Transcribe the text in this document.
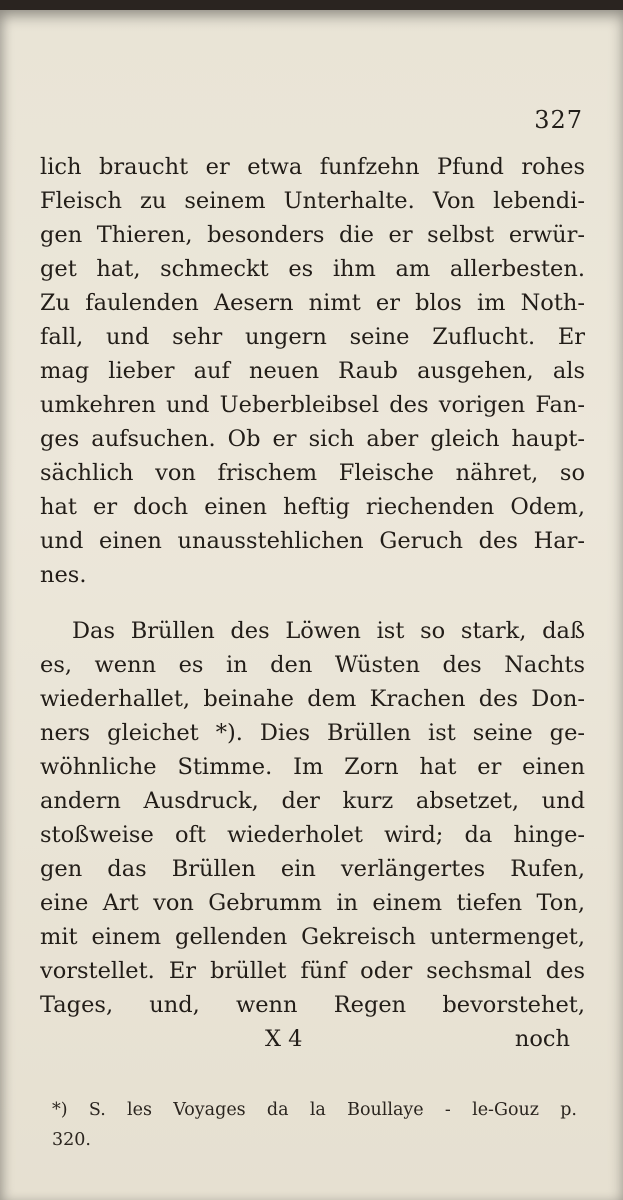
327
lich braucht er etwa funfzehn Pfund rohes
Fleisch zu seinem Unterhalte. Von lebendi-
gen Thieren, besonders die er selbst erwür-
get hat, schmeckt es ihm am allerbesten.
Zu faulenden Aesern nimt er blos im Noth-
fall, und sehr ungern seine Zuflucht. Er
mag lieber auf neuen Raub ausgehen, als
umkehren und Ueberbleibsel des vorigen Fan-
ges aufsuchen. Ob er sich aber gleich haupt-
sächlich von frischem Fleische nähret, so
hat er doch einen heftig riechenden Odem,
und einen unausstehlichen Geruch des Har-
nes.
Das Brüllen des Löwen ist so stark, daß
es, wenn es in den Wüsten des Nachts
wiederhallet, beinahe dem Krachen des Don-
ners gleichet *). Dies Brüllen ist seine ge-
wöhnliche Stimme. Im Zorn hat er einen
andern Ausdruck, der kurz absetzet, und
stoßweise oft wiederholet wird; da hinge-
gen das Brüllen ein verlängertes Rufen,
eine Art von Gebrumm in einem tiefen Ton,
mit einem gellenden Gekreisch untermenget,
vorstellet. Er brüllet fünf oder sechsmal des
Tages, und, wenn Regen bevorstehet,
X 4	noch
*) S. les Voyages da la Boullaye - le-Gouz p.
320.
